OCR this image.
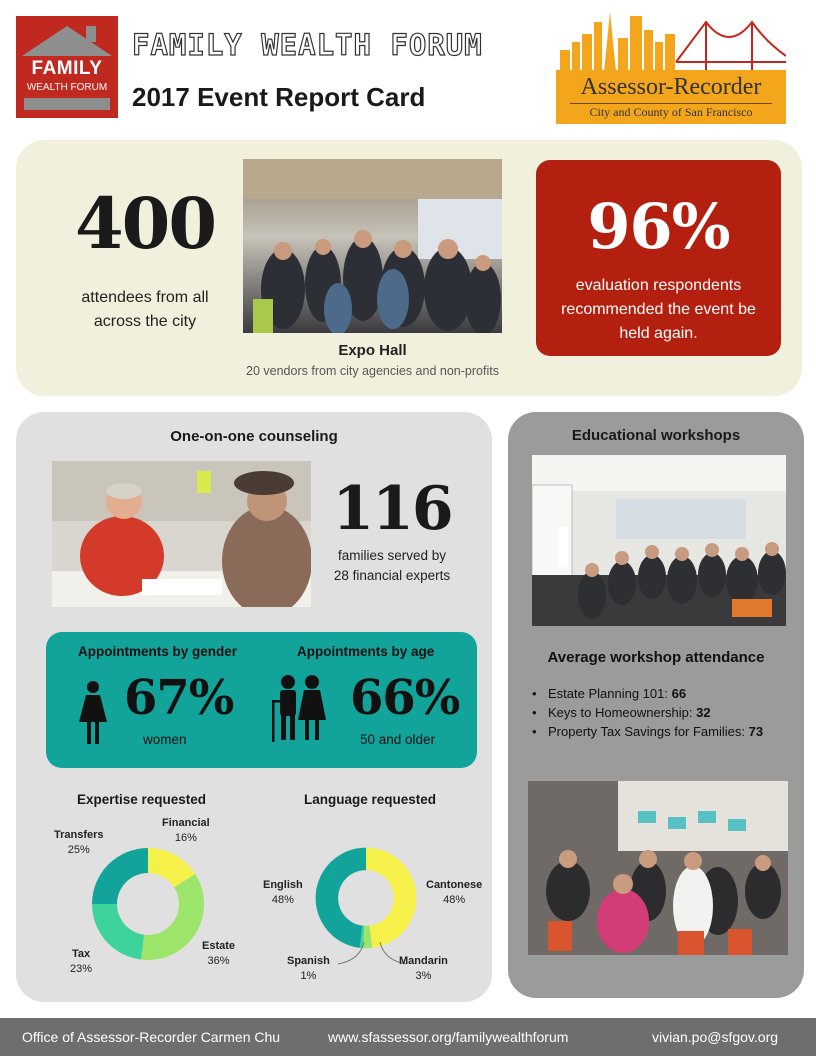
FAMILY
WEALTH FORUM
FAMILY WEALTH FORUM
2017 Event Report Card	Assessor-Recorder
City and County of San Francisco
400
attendees from all
across the city
Expo Hall
20 vendors from city agencies and non-profits
96%
evaluation respondents
recommended the event be
held again.
One-on-one counseling
116
families served by
28 financial experts
Appointments by gender
67%
women
Appointments by age
66%
50 and older
Expertise requested
Transfers
25%
Financial
16%
Estate
36%
Tax
23%
Language requested
English
48%
Cantonese
48%
Spanish
1%
Mandarin
3%
Educational workshops
Average workshop attendance
• Estate Planning 101: 66
• Keys to Homeownership: 32
• Property Tax Savings for Families: 73
Office of Assessor-Recorder Carmen Chu	www.sfassessor.org/familywealthforum	vivian.po@sfgov.org
